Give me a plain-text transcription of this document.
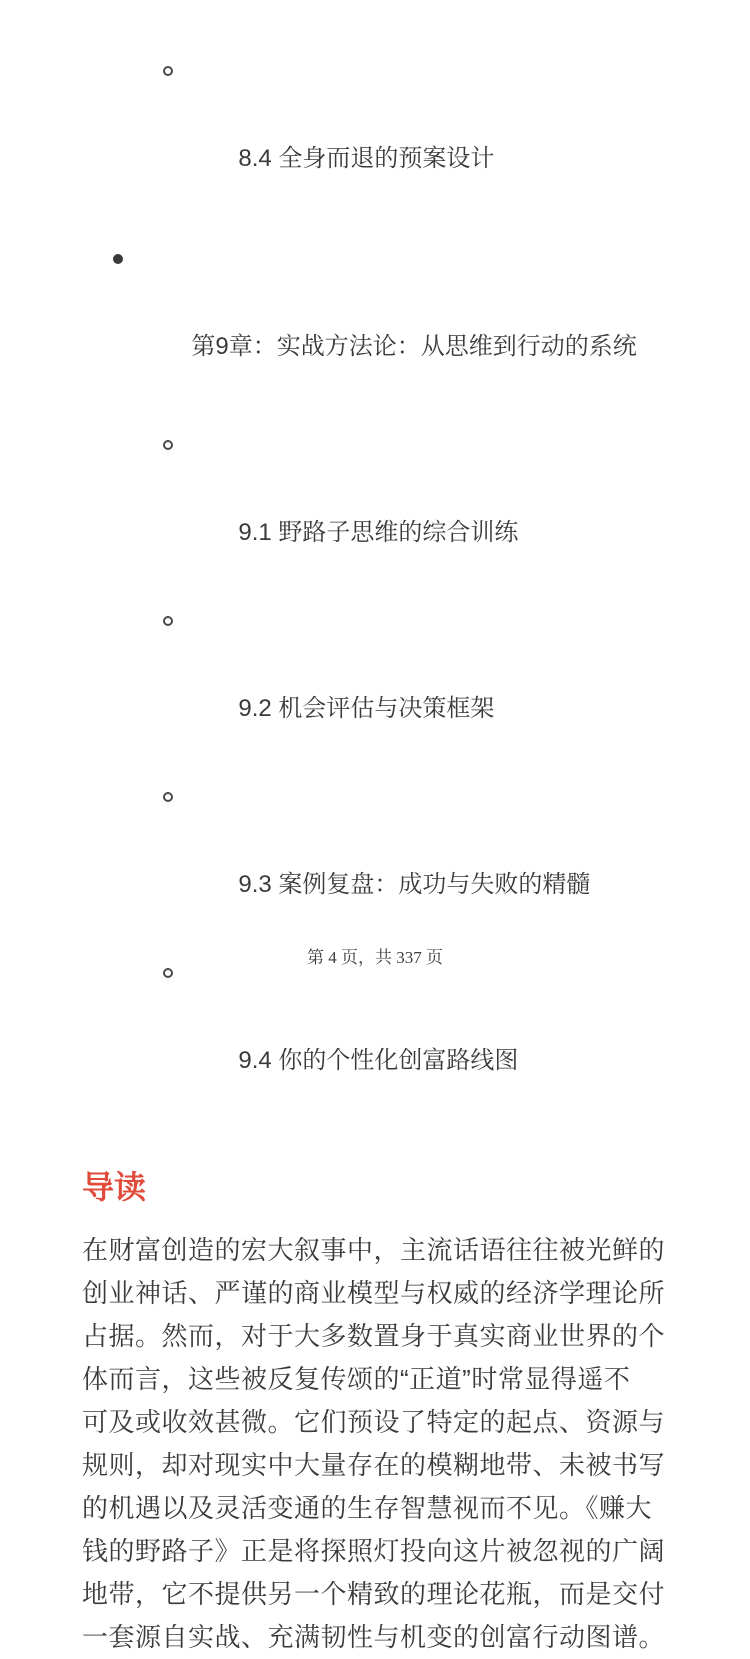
8.4 全身而退的预案设计

第9章：实战方法论：从思维到行动的系统

9.1 野路子思维的综合训练

9.2 机会评估与决策框架

9.3 案例复盘：成功与失败的精髓

9.4 你的个性化创富路线图

导读

在财富创造的宏大叙事中，主流话语往往被光鲜的
创业神话、严谨的商业模型与权威的经济学理论所
占据。然而，对于大多数置身于真实商业世界的个
体而言，这些被反复传颂的“正道”时常显得遥不
可及或收效甚微。它们预设了特定的起点、资源与
规则，却对现实中大量存在的模糊地带、未被书写
的机遇以及灵活变通的生存智慧视而不见。《赚大
钱的野路子》正是将探照灯投向这片被忽视的广阔
地带，它不提供另一个精致的理论花瓶，而是交付
一套源自实战、充满韧性与机变的创富行动图谱。

第 4 页，共 337 页
